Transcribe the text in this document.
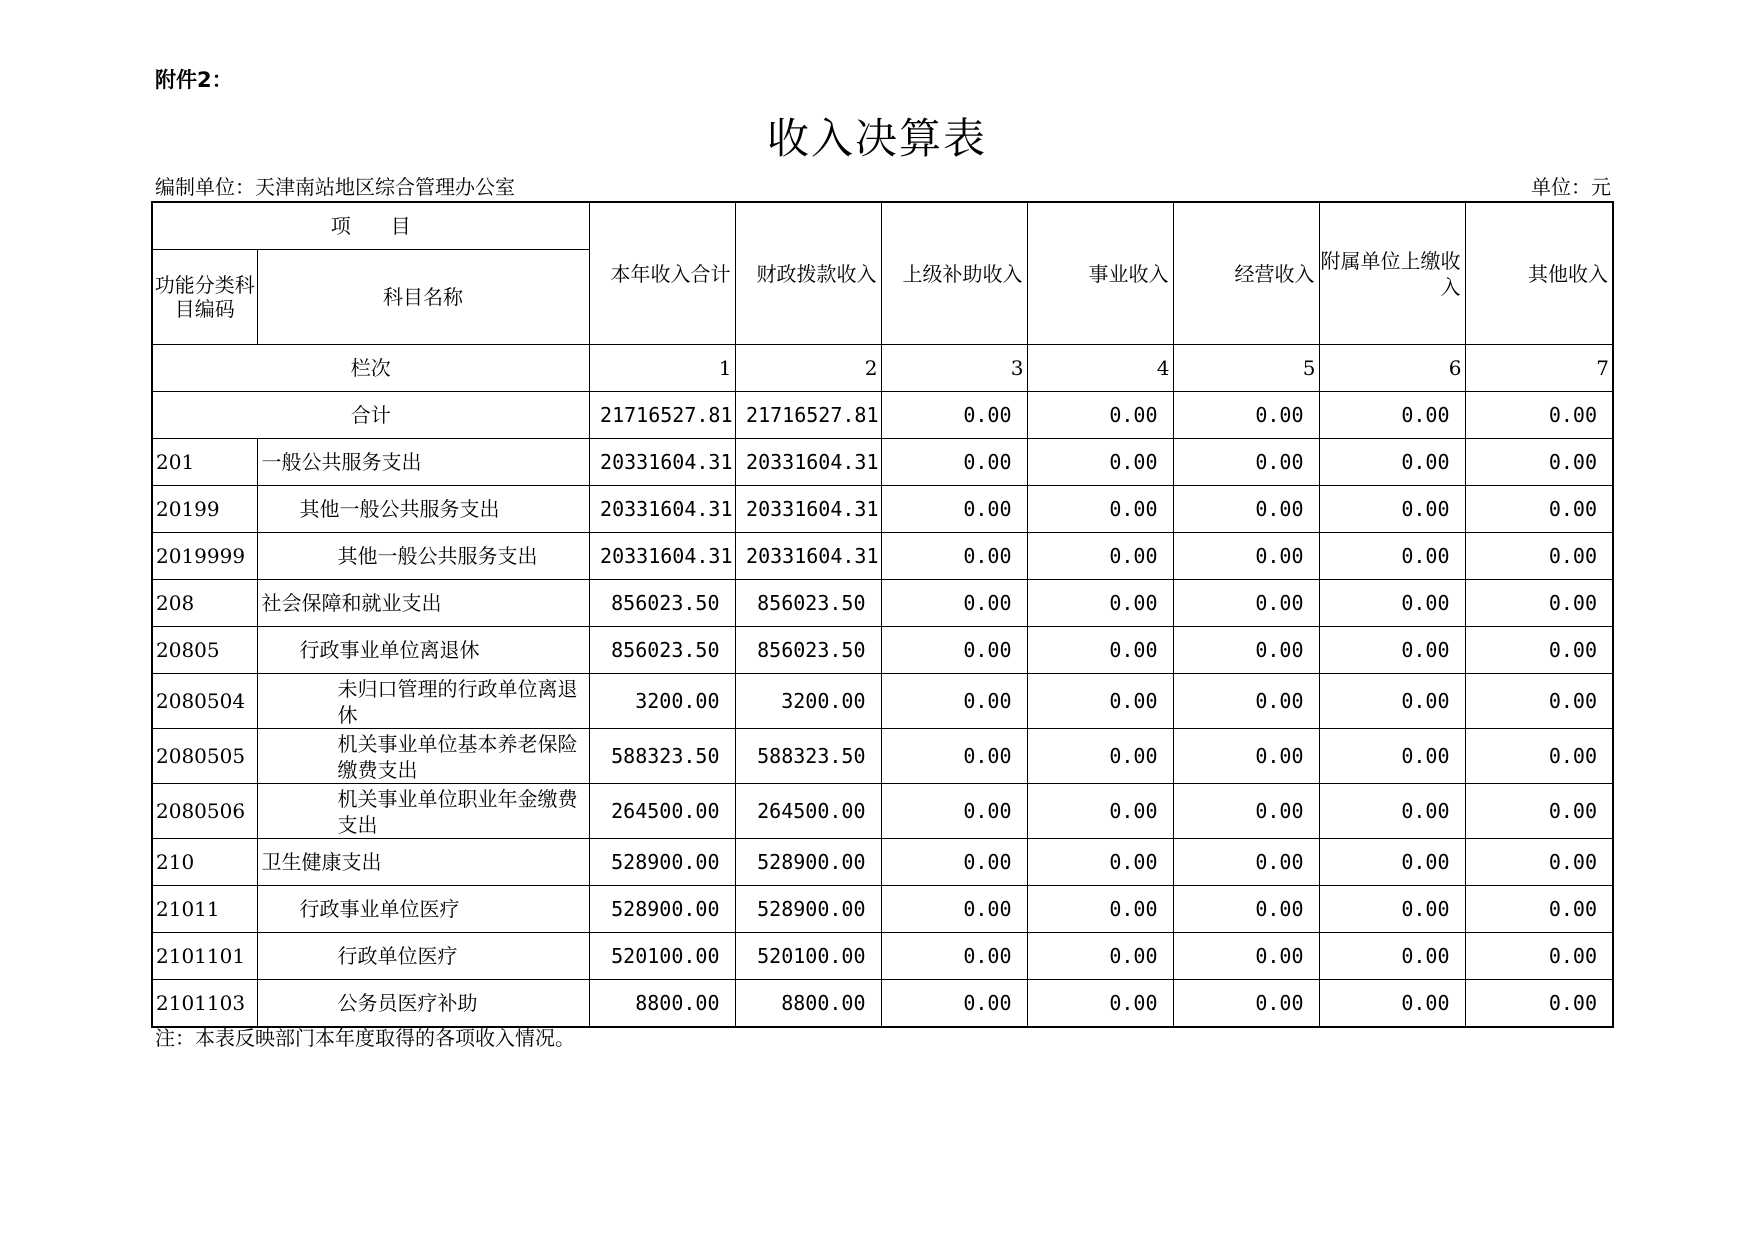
附件2：
收入决算表
编制单位：天津南站地区综合管理办公室	单位：元
项　　目		本年收入合计	财政拨款收入	上级补助收入	事业收入	经营收入	附属单位上缴收入	其他收入
功能分类科目编码	科目名称							
栏次		1	2	3	4	5	6	7
合计		21716527.81	21716527.81	0.00	0.00	0.00	0.00	0.00
201	一般公共服务支出	20331604.31	20331604.31	0.00	0.00	0.00	0.00	0.00
20199	其他一般公共服务支出	20331604.31	20331604.31	0.00	0.00	0.00	0.00	0.00
2019999	其他一般公共服务支出	20331604.31	20331604.31	0.00	0.00	0.00	0.00	0.00
208	社会保障和就业支出	856023.50	856023.50	0.00	0.00	0.00	0.00	0.00
20805	行政事业单位离退休	856023.50	856023.50	0.00	0.00	0.00	0.00	0.00
2080504	未归口管理的行政单位离退休	3200.00	3200.00	0.00	0.00	0.00	0.00	0.00
2080505	机关事业单位基本养老保险缴费支出	588323.50	588323.50	0.00	0.00	0.00	0.00	0.00
2080506	机关事业单位职业年金缴费支出	264500.00	264500.00	0.00	0.00	0.00	0.00	0.00
210	卫生健康支出	528900.00	528900.00	0.00	0.00	0.00	0.00	0.00
21011	行政事业单位医疗	528900.00	528900.00	0.00	0.00	0.00	0.00	0.00
2101101	行政单位医疗	520100.00	520100.00	0.00	0.00	0.00	0.00	0.00
2101103	公务员医疗补助	8800.00	8800.00	0.00	0.00	0.00	0.00	0.00
注：本表反映部门本年度取得的各项收入情况。
